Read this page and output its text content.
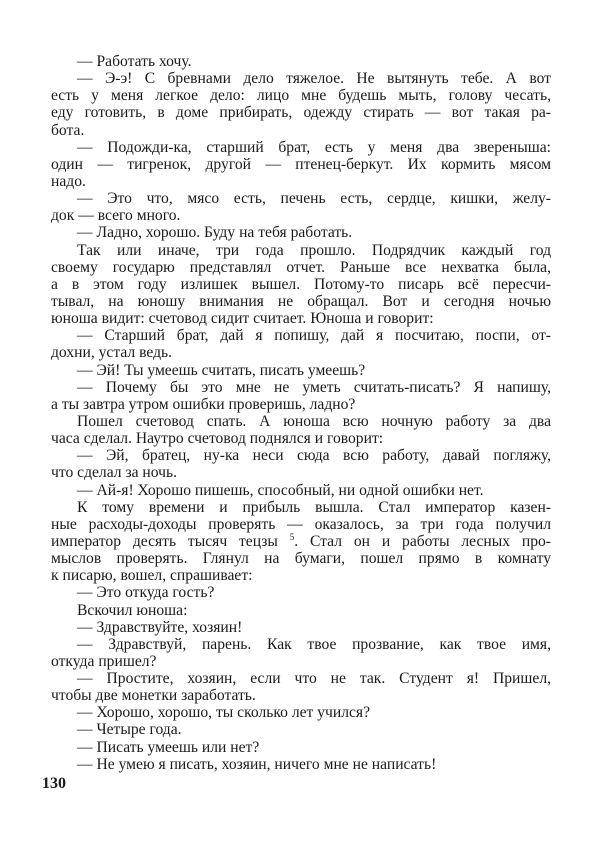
— Работать хочу.
— Э-э! С бревнами дело тяжелое. Не вытянуть тебе. А вот
есть у меня легкое дело: лицо мне будешь мыть, голову чесать,
еду готовить, в доме прибирать, одежду стирать — вот такая ра-
бота.
— Подожди-ка, старший брат, есть у меня два звереныша:
один — тигренок, другой — птенец-беркут. Их кормить мясом
надо.
— Это что, мясо есть, печень есть, сердце, кишки, желу-
док — всего много.
— Ладно, хорошо. Буду на тебя работать.
Так или иначе, три года прошло. Подрядчик каждый год
своему государю представлял отчет. Раньше все нехватка была,
а в этом году излишек вышел. Потому-то писарь всё пересчи-
тывал, на юношу внимания не обращал. Вот и сегодня ночью
юноша видит: счетовод сидит считает. Юноша и говорит:
— Старший брат, дай я попишу, дай я посчитаю, поспи, от-
дохни, устал ведь.
— Эй! Ты умеешь считать, писать умеешь?
— Почему бы это мне не уметь считать-писать? Я напишу,
а ты завтра утром ошибки проверишь, ладно?
Пошел счетовод спать. А юноша всю ночную работу за два
часа сделал. Наутро счетовод поднялся и говорит:
— Эй, братец, ну-ка неси сюда всю работу, давай погляжу,
что сделал за ночь.
— Ай-я! Хорошо пишешь, способный, ни одной ошибки нет.
К тому времени и прибыль вышла. Стал император казен-
ные расходы-доходы проверять — оказалось, за три года получил
император десять тысяч тецзы $^5$. Стал он и работы лесных про-
мыслов проверять. Глянул на бумаги, пошел прямо в комнату
к писарю, вошел, спрашивает:
— Это откуда гость?
Вскочил юноша:
— Здравствуйте, хозяин!
— Здравствуй, парень. Как твое прозвание, как твое имя,
откуда пришел?
— Простите, хозяин, если что не так. Студент я! Пришел,
чтобы две монетки заработать.
— Хорошо, хорошо, ты сколько лет учился?
— Четыре года.
— Писать умеешь или нет?
— Не умею я писать, хозяин, ничего мне не написать!
130
